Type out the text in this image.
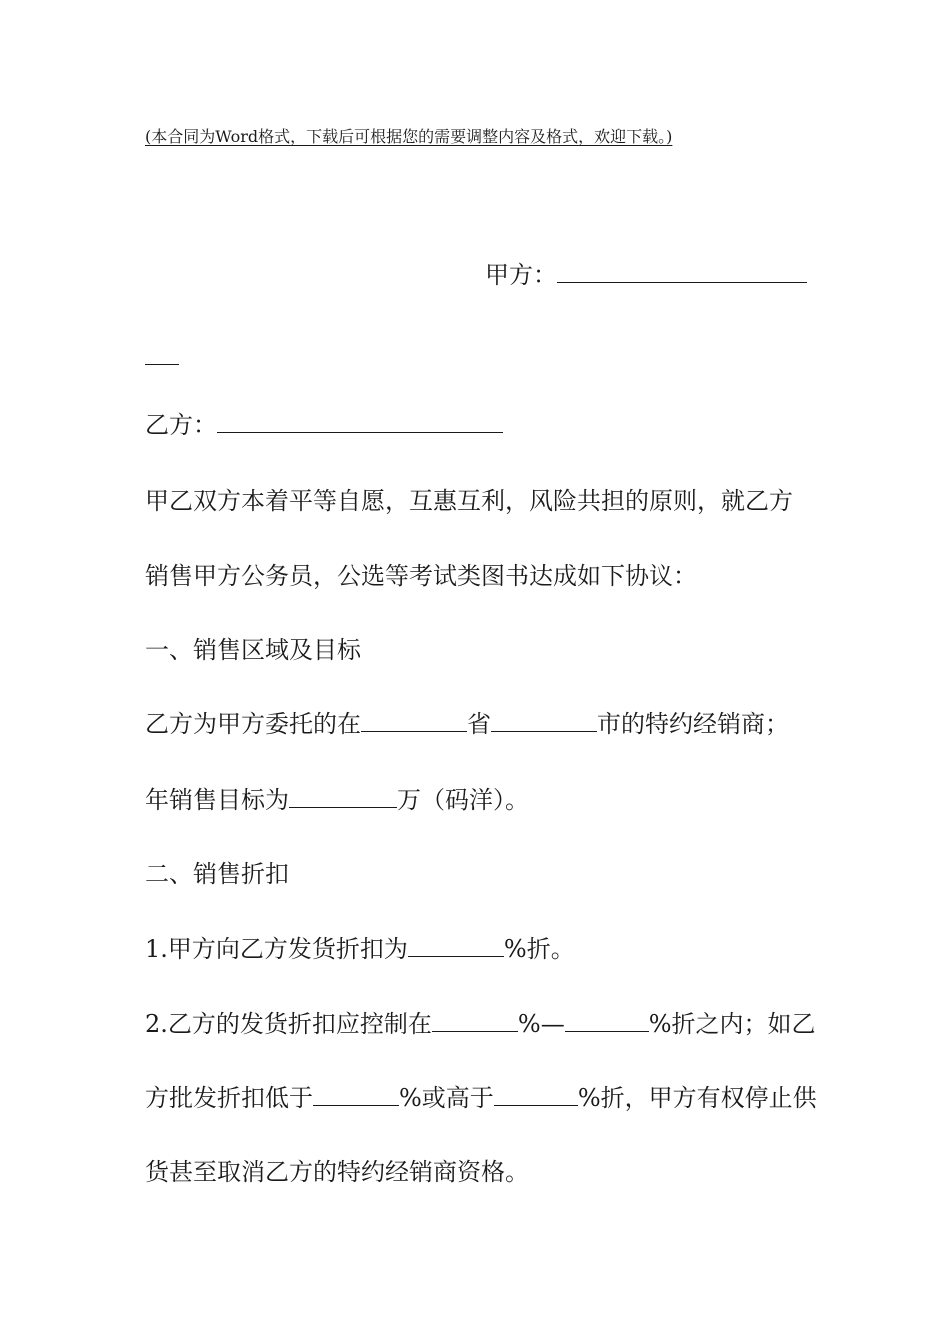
(本合同为Word格式，下载后可根据您的需要调整内容及格式，欢迎下载。)
甲方：
乙方：
甲乙双方本着平等自愿，互惠互利，风险共担的原则，就乙方
销售甲方公务员，公选等考试类图书达成如下协议：
一、销售区域及目标
乙方为甲方委托的在	省	市的特约经销商；
年销售目标为	万（码洋）。
二、销售折扣
1.甲方向乙方发货折扣为	%折。
2.乙方的发货折扣应控制在	%—	%折之内；如乙
方批发折扣低于	%或高于	%折，甲方有权停止供
货甚至取消乙方的特约经销商资格。
